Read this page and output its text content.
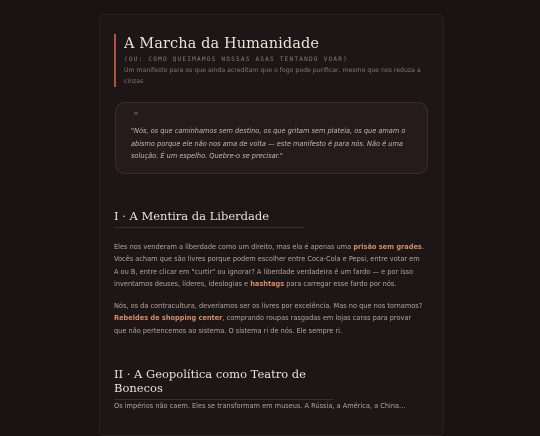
A Marcha da Humanidade
(OU: COMO QUEIMAMOS NOSSAS ASAS TENTANDO VOAR)
Um manifesto para os que ainda acreditam que o fogo pode purificar, mesmo que nos reduza a cinzas
“
"Nós, os que caminhamos sem destino, os que gritam sem plateia, os que amam o abismo porque ele não nos ama de volta — este manifesto é para nós. Não é uma solução. É um espelho. Quebre-o se precisar."
I · A Mentira da Liberdade

Eles nos venderam a liberdade como um direito, mas ela é apenas uma prisão sem grades. Vocês acham que são livres porque podem escolher entre Coca-Cola e Pepsi, entre votar em A ou B, entre clicar em "curtir" ou ignorar? A liberdade verdadeira é um fardo — e por isso inventamos deuses, líderes, ideologias e hashtags para carregar esse fardo por nós.

Nós, os da contracultura, deveríamos ser os livres por excelência. Mas no que nos tornamos? Rebeldes de shopping center, comprando roupas rasgadas em lojas caras para provar que não pertencemos ao sistema. O sistema ri de nós. Ele sempre ri.

II · A Geopolítica como Teatro de Bonecos

Os impérios não caem. Eles se transformam em museus. A Rússia, a América, a China…
